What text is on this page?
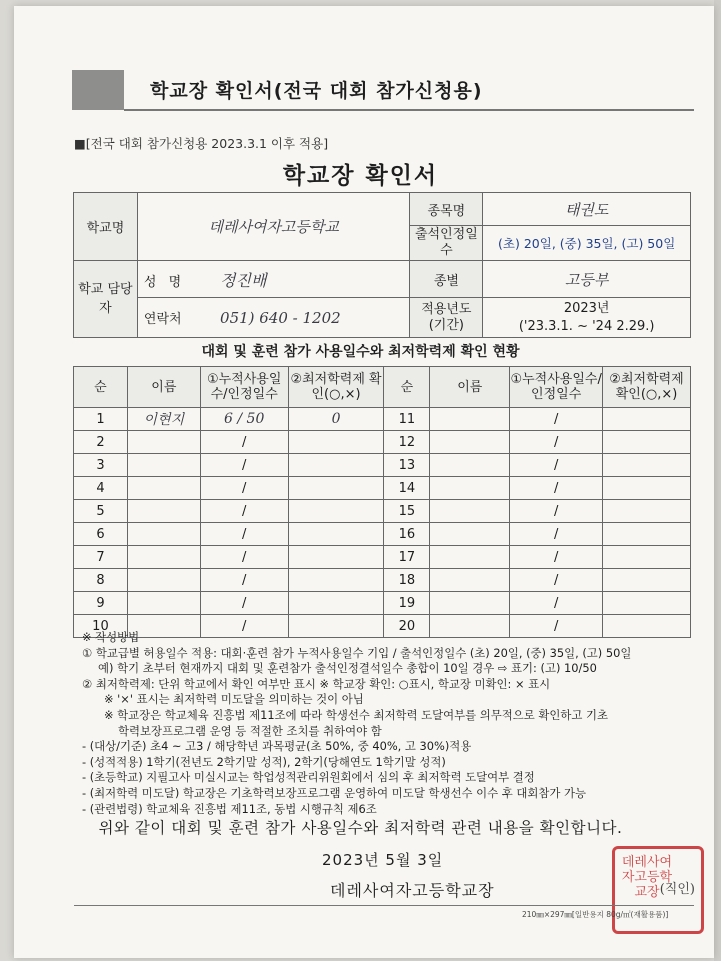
학교장 확인서(전국 대회 참가신청용)
■[전국 대회 참가신청용 2023.3.1 이후 적용]
학교장 확인서
학교명	데레사여자고등학교	종목명	태권도
		출석인정일수	(초) 20일, (중) 35일, (고) 50일
학교 담당자	성 명 정진배	종별	고등부
	연락처 051) 640 - 1202	적용년도 (기간)	2023년
('23.3.1. ~ '24 2.29.)
대회 및 훈련 참가 사용일수와 최저학력제 확인 현황
순	이름	①누적사용일수/인정일수	②최저학력제 확인(○,×)	순	이름	①누적사용일수/인정일수	②최저학력제 확인(○,×)
1	이현지	6 / 50	0	11		/	
2		/		12		/	
3		/		13		/	
4		/		14		/	
5		/		15		/	
6		/		16		/	
7		/		17		/	
8		/		18		/	
9		/		19		/	
10		/		20		/	

※ 작성방법

① 학교급별 허용일수 적용: 대회·훈련 참가 누적사용일수 기입 / 출석인정일수 (초) 20일, (중) 35일, (고) 50일

예) 학기 초부터 현재까지 대회 및 훈련참가 출석인정결석일수 총합이 10일 경우 ⇨ 표기: (고) 10/50

② 최저학력제: 단위 학교에서 확인 여부만 표시 ※ 학교장 확인: ○표시, 학교장 미확인: × 표시

※ '×' 표시는 최저학력 미도달을 의미하는 것이 아님

※ 학교장은 학교체육 진흥법 제11조에 따라 학생선수 최저학력 도달여부를 의무적으로 확인하고 기초

학력보장프로그램 운영 등 적절한 조치를 취하여야 함

- (대상/기준) 초4 ~ 고3 / 해당학년 과목평균(초 50%, 중 40%, 고 30%)적용

- (성적적용) 1학기(전년도 2학기말 성적), 2학기(당해연도 1학기말 성적)

- (초등학교) 지필고사 미실시교는 학업성적관리위원회에서 심의 후 최저학력 도달여부 결정

- (최저학력 미도달) 학교장은 기초학력보장프로그램 운영하여 미도달 학생선수 이수 후 대회참가 가능

- (관련법령) 학교체육 진흥법 제11조, 동법 시행규칙 제6조

위와 같이 대회 및 훈련 참가 사용일수와 최저학력 관련 내용을 확인합니다.
2023년 5월 3일
데레사여자고등학교장
데레사여자고등학교장 (직인)
210㎜×297㎜[일반용지 80g/㎡(재활용품)]
